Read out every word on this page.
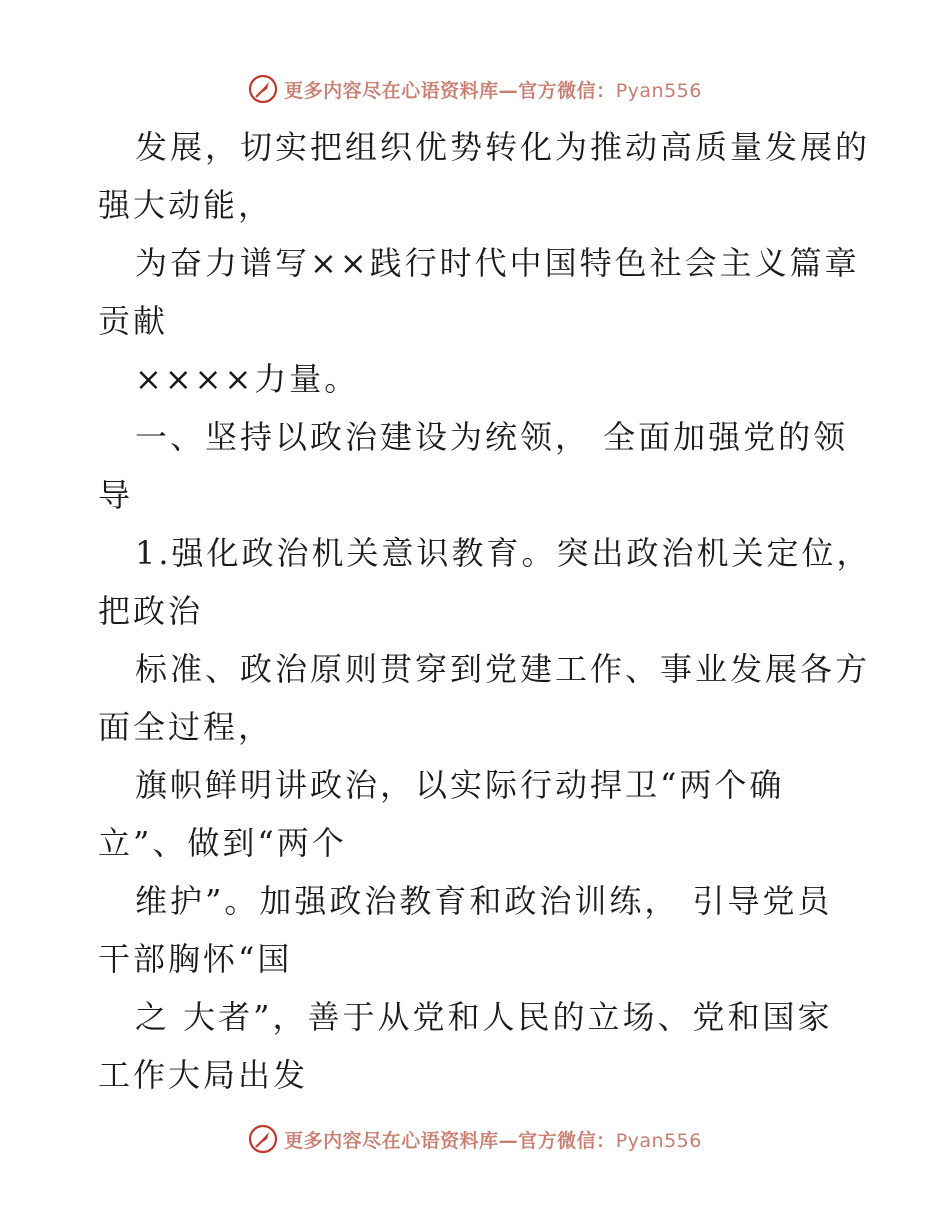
更多内容尽在心语资料库—官方微信：Pyan556
发展，切实把组织优势转化为推动高质量发展的
强大动能，
为奋力谱写××践行时代中国特色社会主义篇章
贡献
××××力量。
一、坚持以政治建设为统领， 全面加强党的领
导
1.强化政治机关意识教育。突出政治机关定位，
把政治
标准、政治原则贯穿到党建工作、事业发展各方
面全过程，
旗帜鲜明讲政治，以实际行动捍卫“两个确
立”、做到“两个
维护”。加强政治教育和政治训练， 引导党员
干部胸怀“国
之 大者”，善于从党和人民的立场、党和国家
工作大局出发
更多内容尽在心语资料库—官方微信：Pyan556
